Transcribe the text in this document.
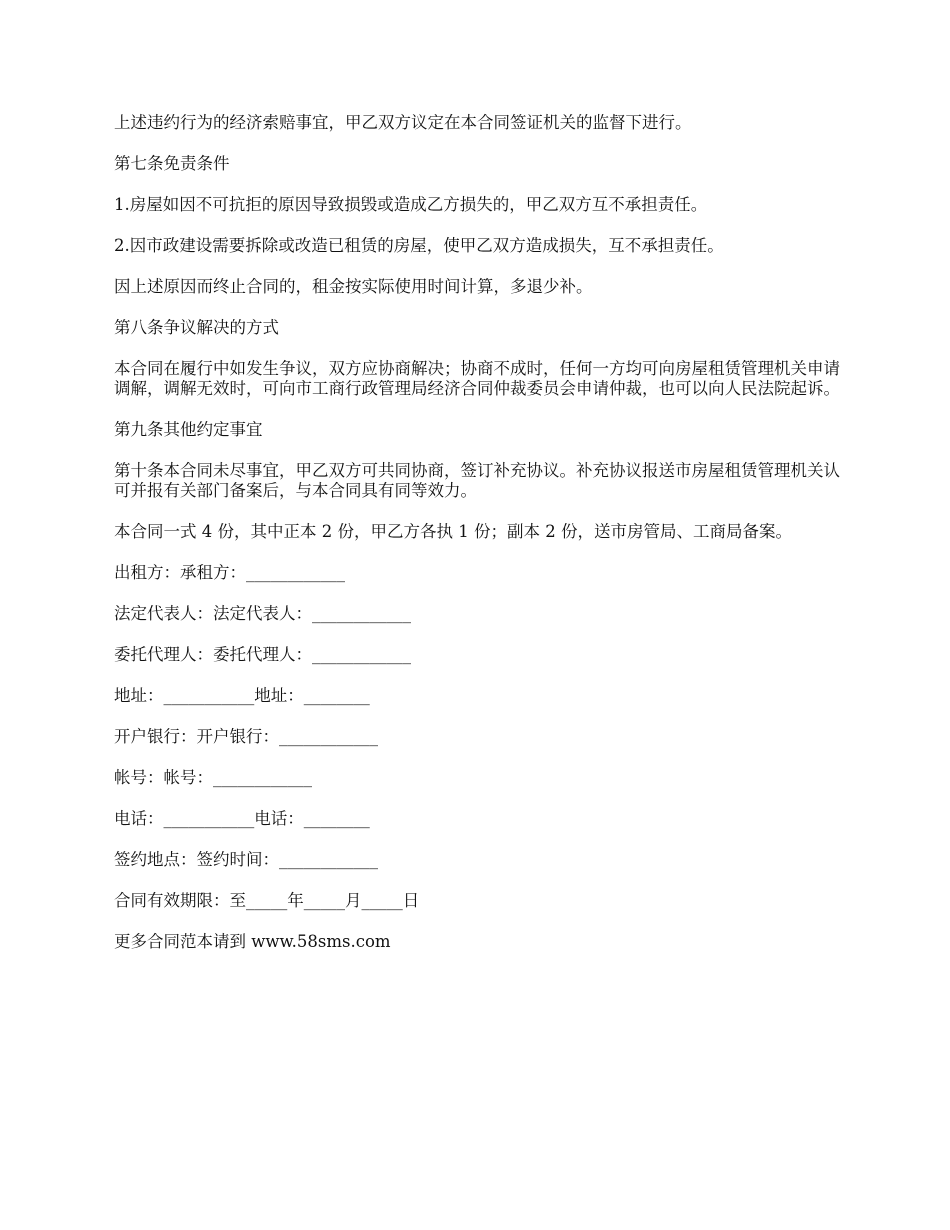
上述违约行为的经济索赔事宜，甲乙双方议定在本合同签证机关的监督下进行。

第七条免责条件

1.房屋如因不可抗拒的原因导致损毁或造成乙方损失的，甲乙双方互不承担责任。

2.因市政建设需要拆除或改造已租赁的房屋，使甲乙双方造成损失，互不承担责任。

因上述原因而终止合同的，租金按实际使用时间计算，多退少补。

第八条争议解决的方式

本合同在履行中如发生争议，双方应协商解决；协商不成时，任何一方均可向房屋租赁管理机关申请调解，调解无效时，可向市工商行政管理局经济合同仲裁委员会申请仲裁，也可以向人民法院起诉。

第九条其他约定事宜

第十条本合同未尽事宜，甲乙双方可共同协商，签订补充协议。补充协议报送市房屋租赁管理机关认可并报有关部门备案后，与本合同具有同等效力。

本合同一式 4 份，其中正本 2 份，甲乙方各执 1 份；副本 2 份，送市房管局、工商局备案。

出租方：承租方：____________

法定代表人：法定代表人：____________

委托代理人：委托代理人：____________

地址：___________地址：________

开户银行：开户银行：____________

帐号：帐号：____________

电话：___________电话：________

签约地点：签约时间：____________

合同有效期限：至_____年_____月_____日

更多合同范本请到 www.58sms.com
